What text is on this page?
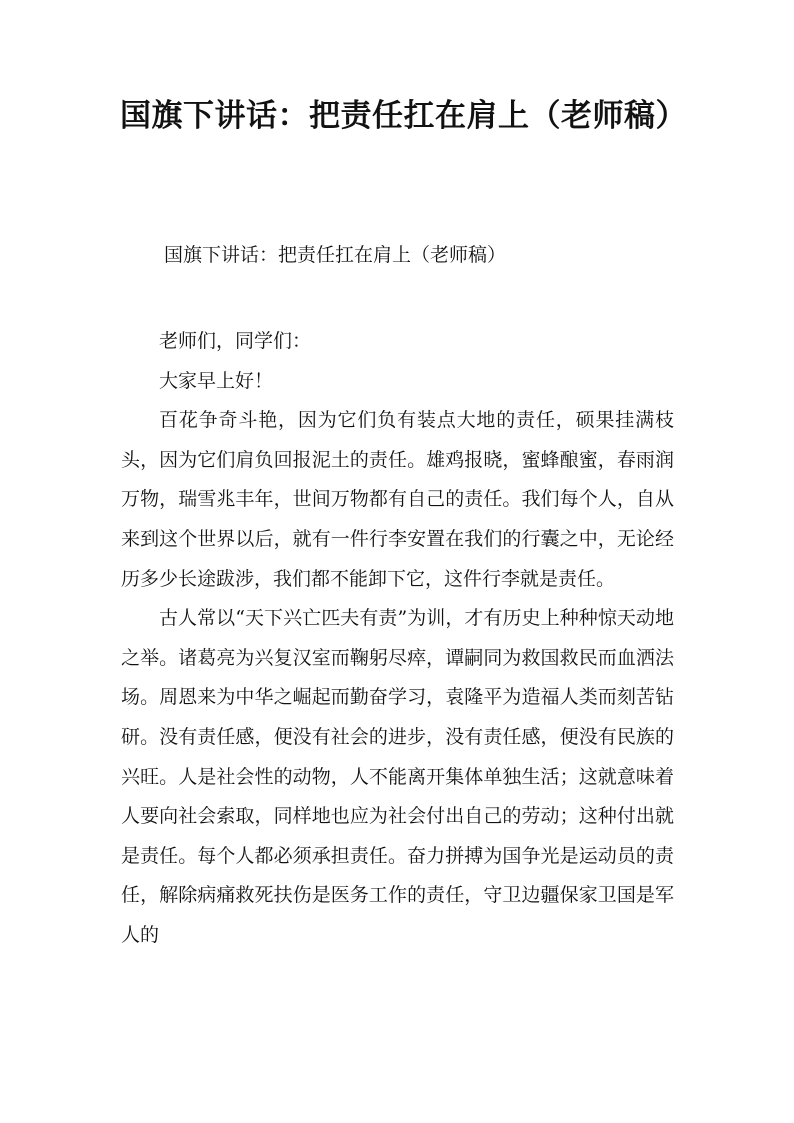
国旗下讲话：把责任扛在肩上（老师稿）
国旗下讲话：把责任扛在肩上（老师稿）

老师们，同学们：

大家早上好！

百花争奇斗艳，因为它们负有装点大地的责任，硕果挂满枝头，因为它们肩负回报泥土的责任。雄鸡报晓，蜜蜂酿蜜，春雨润万物，瑞雪兆丰年，世间万物都有自己的责任。我们每个人，自从来到这个世界以后，就有一件行李安置在我们的行囊之中，无论经历多少长途跋涉，我们都不能卸下它，这件行李就是责任。

古人常以“天下兴亡匹夫有责”为训，才有历史上种种惊天动地之举。诸葛亮为兴复汉室而鞠躬尽瘁，谭嗣同为救国救民而血洒法场。周恩来为中华之崛起而勤奋学习，袁隆平为造福人类而刻苦钻研。没有责任感，便没有社会的进步，没有责任感，便没有民族的兴旺。人是社会性的动物，人不能离开集体单独生活；这就意味着人要向社会索取，同样地也应为社会付出自己的劳动；这种付出就是责任。每个人都必须承担责任。奋力拼搏为国争光是运动员的责任，解除病痛救死扶伤是医务工作的责任，守卫边疆保家卫国是军人的
